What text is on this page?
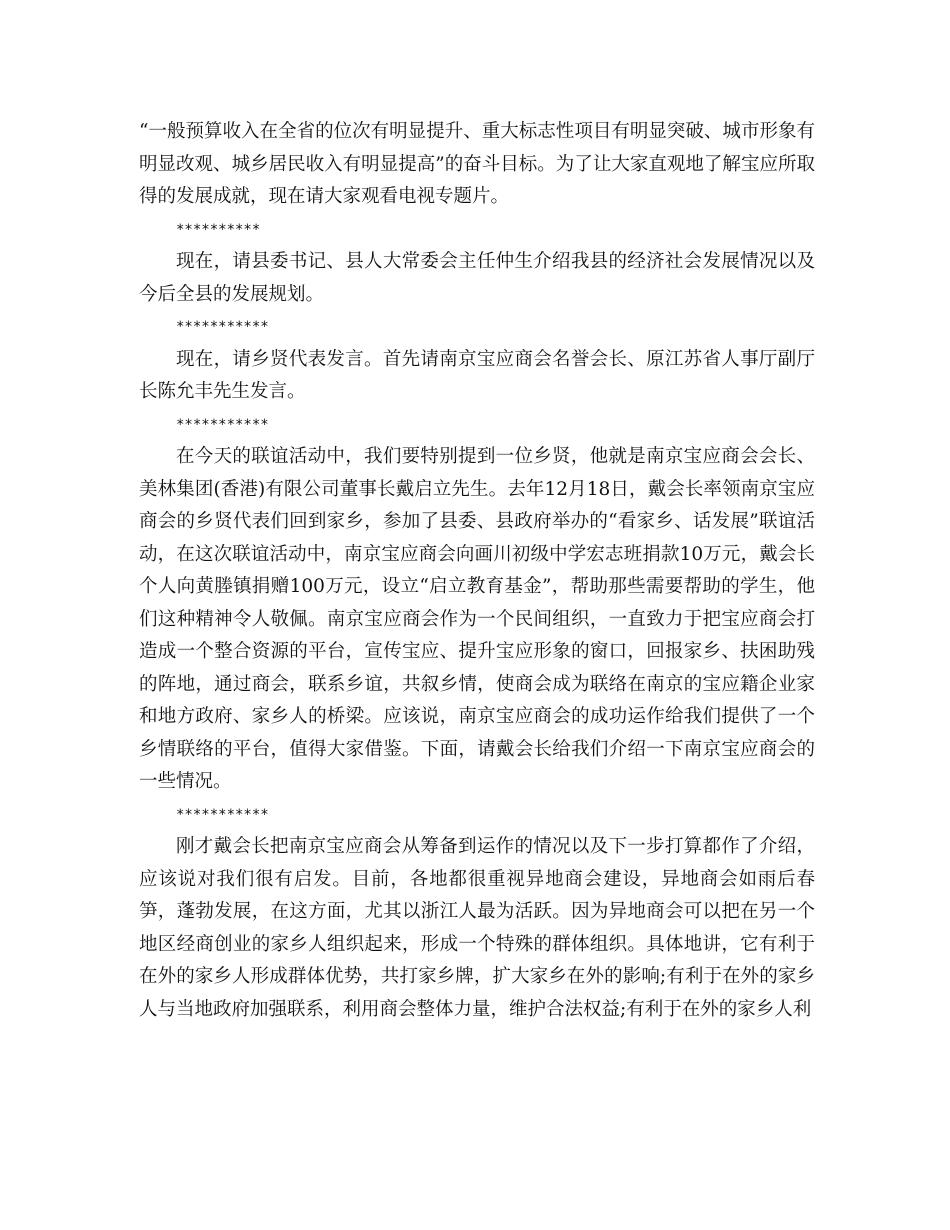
“一般预算收入在全省的位次有明显提升、重大标志性项目有明显突破、城市形象有明显改观、城乡居民收入有明显提高”的奋斗目标。为了让大家直观地了解宝应所取得的发展成就，现在请大家观看电视专题片。

**********

现在，请县委书记、县人大常委会主任仲生介绍我县的经济社会发展情况以及今后全县的发展规划。

***********

现在，请乡贤代表发言。首先请南京宝应商会名誉会长、原江苏省人事厅副厅长陈允丰先生发言。

***********

在今天的联谊活动中，我们要特别提到一位乡贤，他就是南京宝应商会会长、美林集团(香港)有限公司董事长戴启立先生。去年12月18日，戴会长率领南京宝应商会的乡贤代表们回到家乡，参加了县委、县政府举办的“看家乡、话发展”联谊活动，在这次联谊活动中，南京宝应商会向画川初级中学宏志班捐款10万元，戴会长个人向黄塍镇捐赠100万元，设立“启立教育基金”，帮助那些需要帮助的学生，他们这种精神令人敬佩。南京宝应商会作为一个民间组织，一直致力于把宝应商会打造成一个整合资源的平台，宣传宝应、提升宝应形象的窗口，回报家乡、扶困助残的阵地，通过商会，联系乡谊，共叙乡情，使商会成为联络在南京的宝应籍企业家和地方政府、家乡人的桥梁。应该说，南京宝应商会的成功运作给我们提供了一个乡情联络的平台，值得大家借鉴。下面，请戴会长给我们介绍一下南京宝应商会的一些情况。

***********

刚才戴会长把南京宝应商会从筹备到运作的情况以及下一步打算都作了介绍，应该说对我们很有启发。目前，各地都很重视异地商会建设，异地商会如雨后春笋，蓬勃发展，在这方面，尤其以浙江人最为活跃。因为异地商会可以把在另一个地区经商创业的家乡人组织起来，形成一个特殊的群体组织。具体地讲，它有利于在外的家乡人形成群体优势，共打家乡牌，扩大家乡在外的影响;有利于在外的家乡人与当地政府加强联系，利用商会整体力量，维护合法权益;有利于在外的家乡人利
